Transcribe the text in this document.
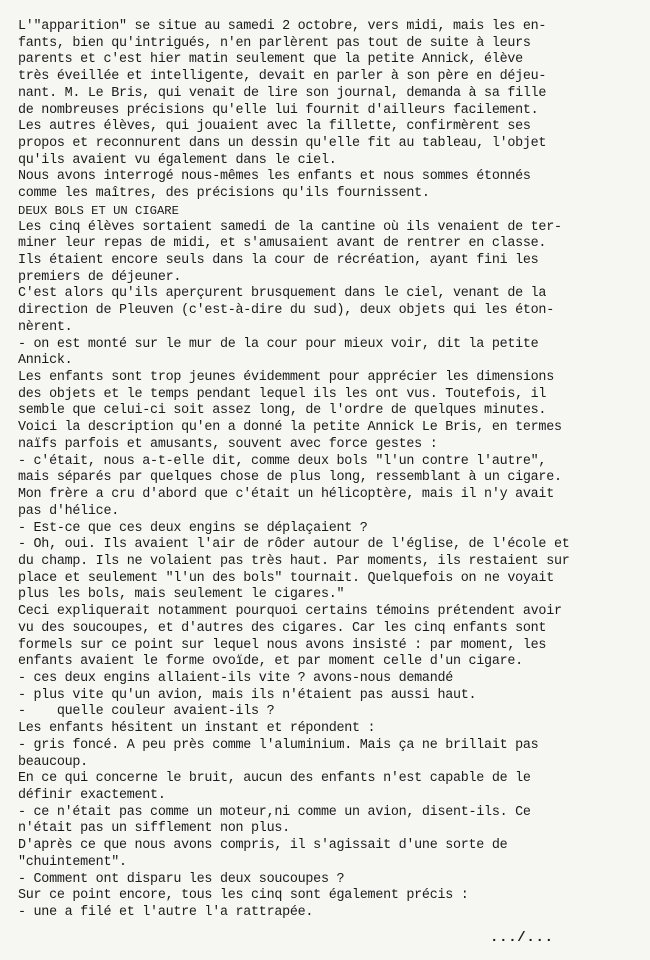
L'"apparition" se situe au samedi 2 octobre, vers midi, mais les en-
fants, bien qu'intrigués, n'en parlèrent pas tout de suite à leurs
parents et c'est hier matin seulement que la petite Annick, élève
très éveillée et intelligente, devait en parler à son père en déjeu-
nant. M. Le Bris, qui venait de lire son journal, demanda à sa fille
de nombreuses précisions qu'elle lui fournit d'ailleurs facilement.
Les autres élèves, qui jouaient avec la fillette, confirmèrent ses
propos et reconnurent dans un dessin qu'elle fit au tableau, l'objet
qu'ils avaient vu également dans le ciel.
Nous avons interrogé nous-mêmes les enfants et nous sommes étonnés
comme les maîtres, des précisions qu'ils fournissent.
DEUX BOLS ET UN CIGARE
Les cinq élèves sortaient samedi de la cantine où ils venaient de ter-
miner leur repas de midi, et s'amusaient avant de rentrer en classe.
Ils étaient encore seuls dans la cour de récréation, ayant fini les
premiers de déjeuner.
C'est alors qu'ils aperçurent brusquement dans le ciel, venant de la
direction de Pleuven (c'est-à-dire du sud), deux objets qui les éton-
nèrent.
- on est monté sur le mur de la cour pour mieux voir, dit la petite
Annick.
Les enfants sont trop jeunes évidemment pour apprécier les dimensions
des objets et le temps pendant lequel ils les ont vus. Toutefois, il
semble que celui-ci soit assez long, de l'ordre de quelques minutes.
Voici la description qu'en a donné la petite Annick Le Bris, en termes
naïfs parfois et amusants, souvent avec force gestes :
- c'était, nous a-t-elle dit, comme deux bols "l'un contre l'autre",
mais séparés par quelques chose de plus long, ressemblant à un cigare.
Mon frère a cru d'abord que c'était un hélicoptère, mais il n'y avait
pas d'hélice.
- Est-ce que ces deux engins se déplaçaient ?
- Oh, oui. Ils avaient l'air de rôder autour de l'église, de l'école et
du champ. Ils ne volaient pas très haut. Par moments, ils restaient sur
place et seulement "l'un des bols" tournait. Quelquefois on ne voyait
plus les bols, mais seulement le cigares."
Ceci expliquerait notamment pourquoi certains témoins prétendent avoir
vu des soucoupes, et d'autres des cigares. Car les cinq enfants sont
formels sur ce point sur lequel nous avons insisté : par moment, les
enfants avaient le forme ovoïde, et par moment celle d'un cigare.
- ces deux engins allaient-ils vite ? avons-nous demandé
- plus vite qu'un avion, mais ils n'étaient pas aussi haut.
-    quelle couleur avaient-ils ?
Les enfants hésitent un instant et répondent :
- gris foncé. A peu près comme l'aluminium. Mais ça ne brillait pas
beaucoup.
En ce qui concerne le bruit, aucun des enfants n'est capable de le
définir exactement.
- ce n'était pas comme un moteur,ni comme un avion, disent-ils. Ce
n'était pas un sifflement non plus.
D'après ce que nous avons compris, il s'agissait d'une sorte de
"chuintement".
- Comment ont disparu les deux soucoupes ?
Sur ce point encore, tous les cinq sont également précis :
- une a filé et l'autre l'a rattrapée.
.../...
